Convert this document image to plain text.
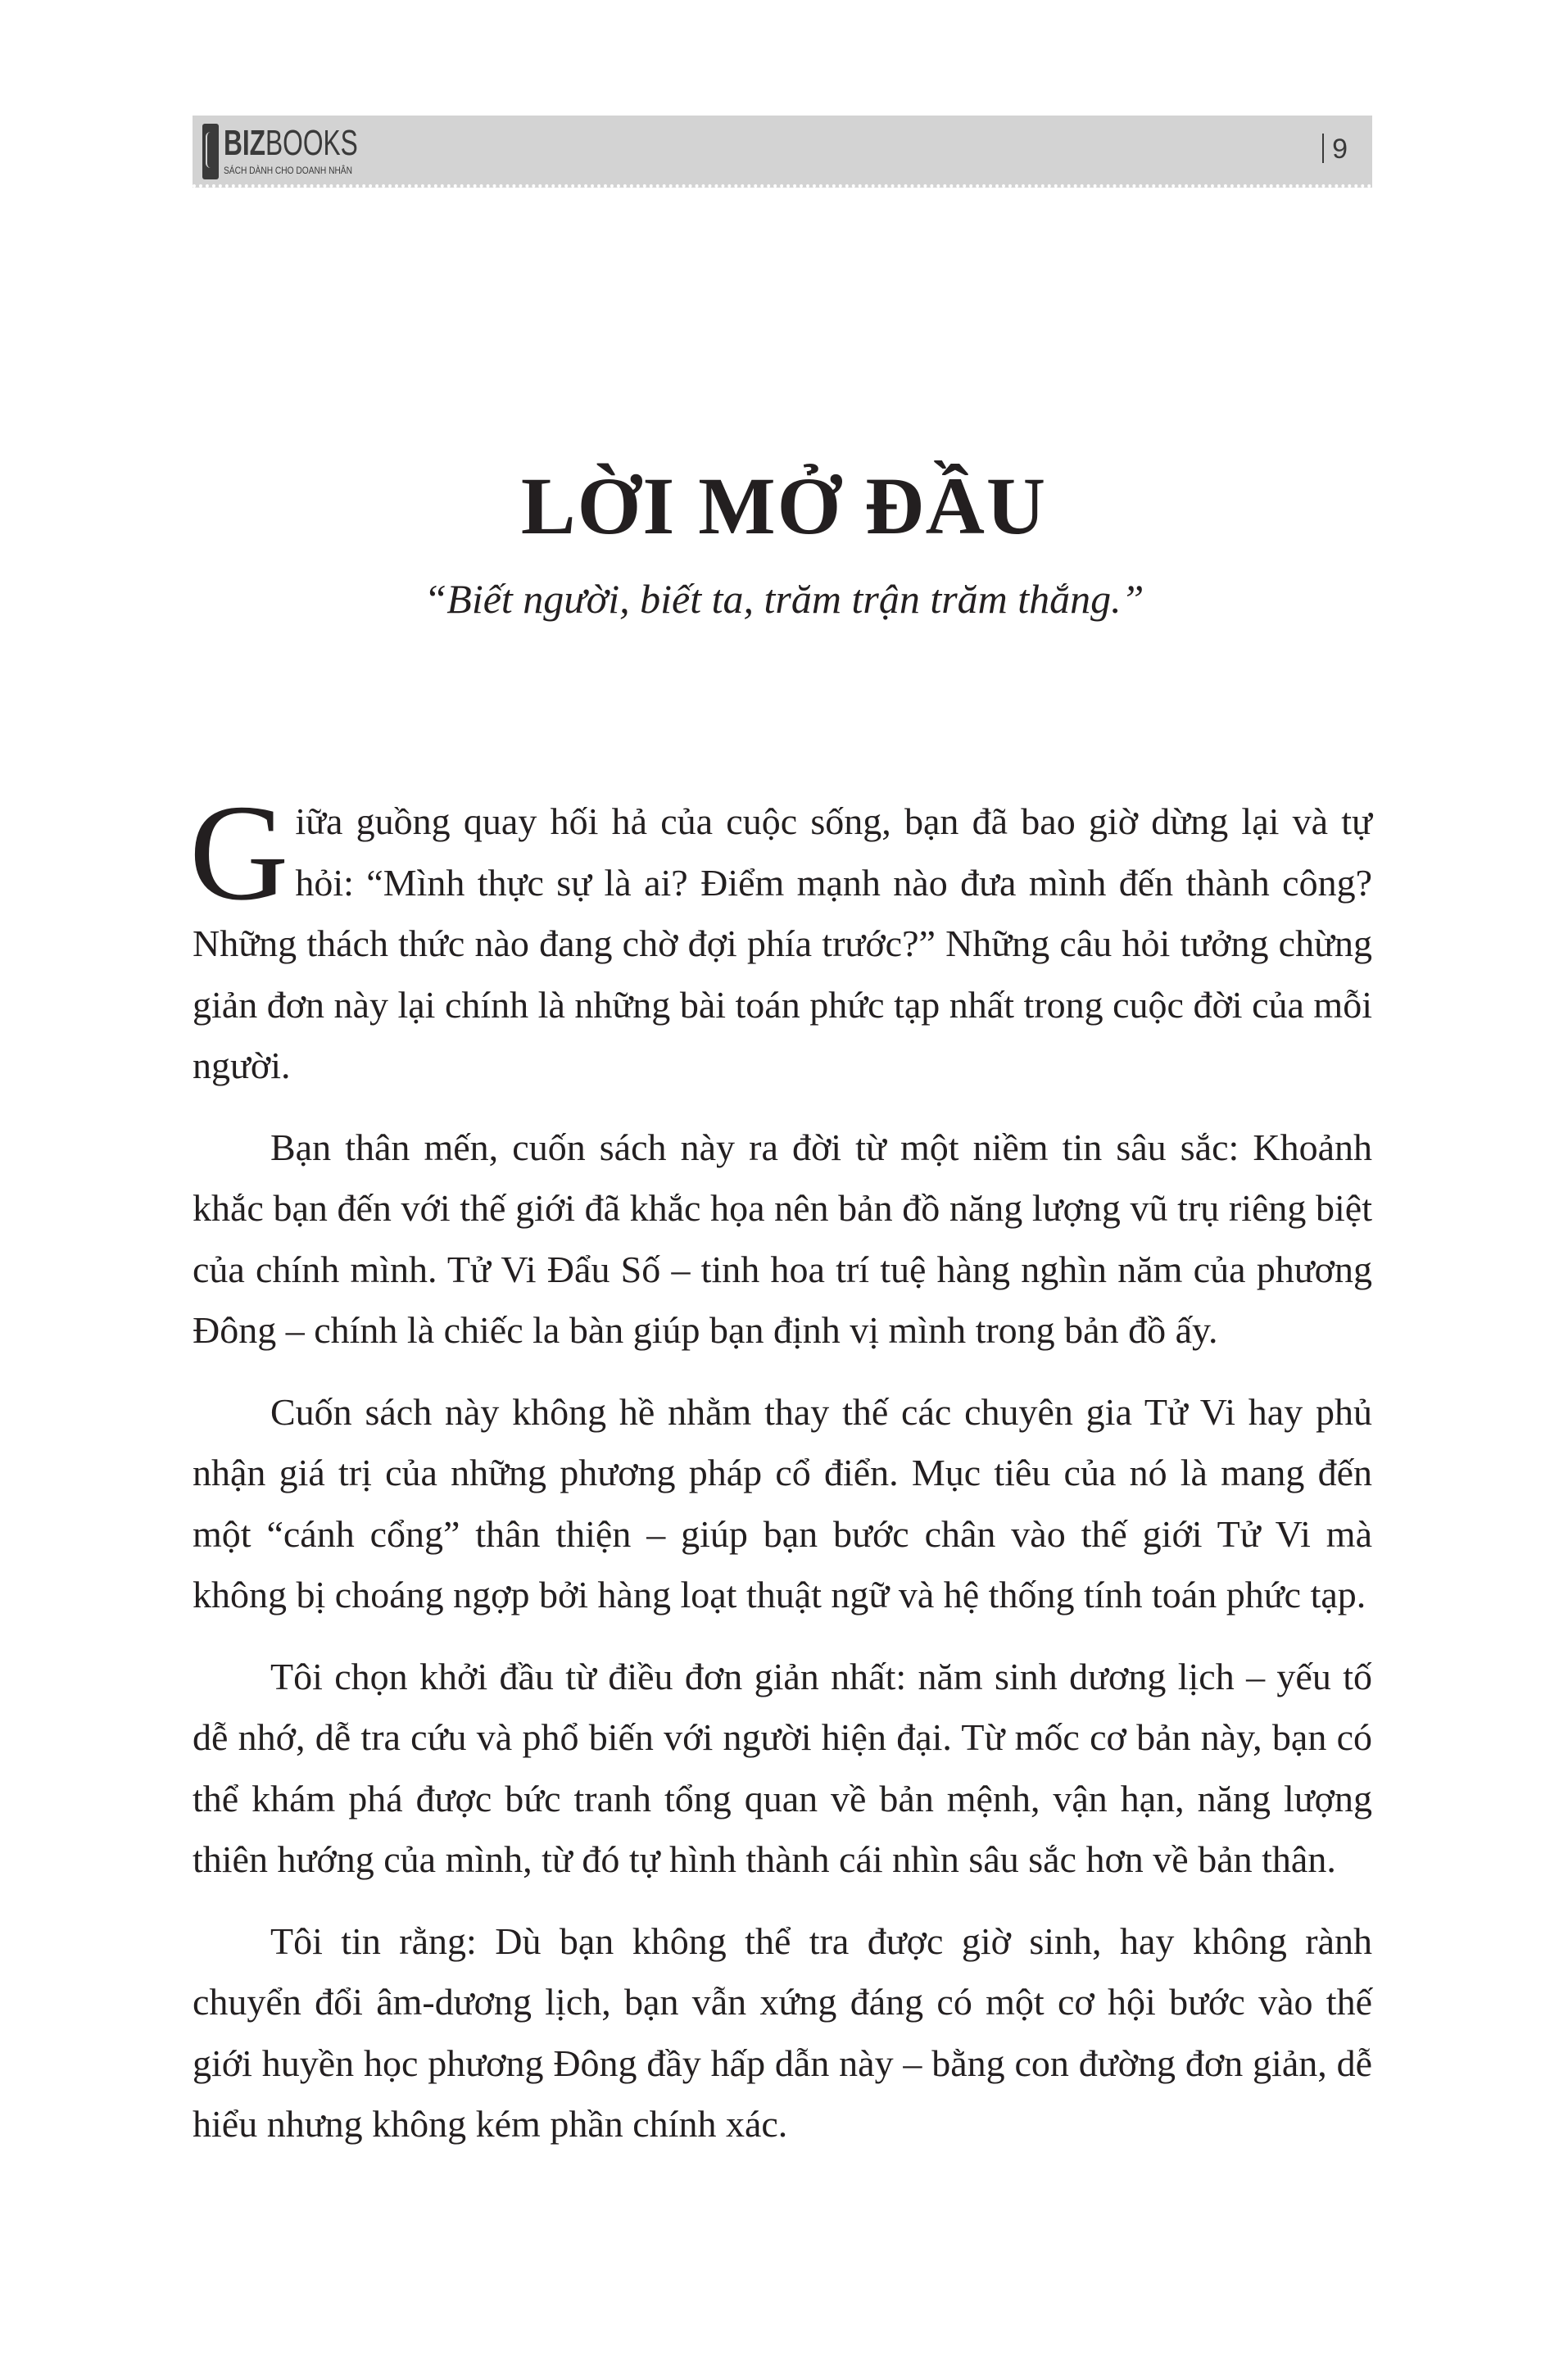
BIZBOOKS
SÁCH DÀNH CHO DOANH NHÂN
9
LỜI MỞ ĐẦU
“Biết người, biết ta, trăm trận trăm thắng.”

Giữa guồng quay hối hả của cuộc sống, bạn đã bao giờ dừng lại và tự hỏi: “Mình thực sự là ai? Điểm mạnh nào đưa mình đến thành công? Những thách thức nào đang chờ đợi phía trước?” Những câu hỏi tưởng chừng giản đơn này lại chính là những bài toán phức tạp nhất trong cuộc đời của mỗi người.

Bạn thân mến, cuốn sách này ra đời từ một niềm tin sâu sắc: Khoảnh khắc bạn đến với thế giới đã khắc họa nên bản đồ năng lượng vũ trụ riêng biệt của chính mình. Tử Vi Đẩu Số – tinh hoa trí tuệ hàng nghìn năm của phương Đông – chính là chiếc la bàn giúp bạn định vị mình trong bản đồ ấy.

Cuốn sách này không hề nhằm thay thế các chuyên gia Tử Vi hay phủ nhận giá trị của những phương pháp cổ điển. Mục tiêu của nó là mang đến một “cánh cổng” thân thiện – giúp bạn bước chân vào thế giới Tử Vi mà không bị choáng ngợp bởi hàng loạt thuật ngữ và hệ thống tính toán phức tạp.

Tôi chọn khởi đầu từ điều đơn giản nhất: năm sinh dương lịch – yếu tố dễ nhớ, dễ tra cứu và phổ biến với người hiện đại. Từ mốc cơ bản này, bạn có thể khám phá được bức tranh tổng quan về bản mệnh, vận hạn, năng lượng thiên hướng của mình, từ đó tự hình thành cái nhìn sâu sắc hơn về bản thân.

Tôi tin rằng: Dù bạn không thể tra được giờ sinh, hay không rành chuyển đổi âm-dương lịch, bạn vẫn xứng đáng có một cơ hội bước vào thế giới huyền học phương Đông đầy hấp dẫn này – bằng con đường đơn giản, dễ hiểu nhưng không kém phần chính xác.
